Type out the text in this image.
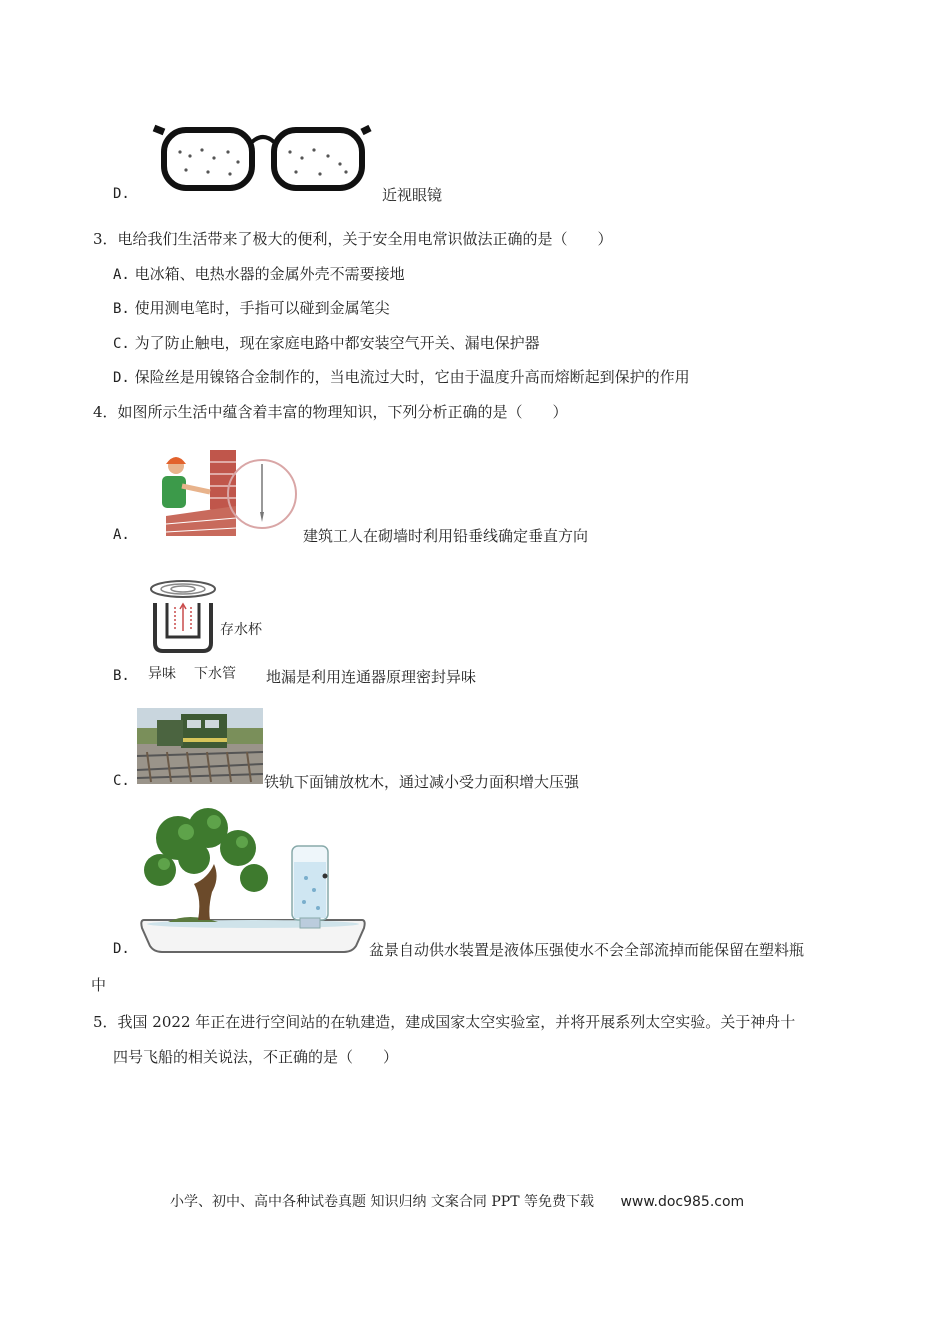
D.	近视眼镜
3．电给我们生活带来了极大的便利，关于安全用电常识做法正确的是（　　）
A. 电冰箱、电热水器的金属外壳不需要接地
B. 使用测电笔时，手指可以碰到金属笔尖
C. 为了防止触电，现在家庭电路中都安装空气开关、漏电保护器
D. 保险丝是用镍铬合金制作的，当电流过大时，它由于温度升高而熔断起到保护的作用
4．如图所示生活中蕴含着丰富的物理知识，下列分析正确的是（　　）
A.	建筑工人在砌墙时利用铅垂线确定垂直方向
存水杯
异味 下水管
B.	地漏是利用连通器原理密封异味
C.	铁轨下面铺放枕木，通过减小受力面积增大压强
D.	盆景自动供水装置是液体压强使水不会全部流掉而能保留在塑料瓶
中
5．我国 2022 年正在进行空间站的在轨建造，建成国家太空实验室，并将开展系列太空实验。关于神舟十
四号飞船的相关说法，不正确的是（　　）
小学、初中、高中各种试卷真题 知识归纳 文案合同 PPT 等免费下载 www.doc985.com
